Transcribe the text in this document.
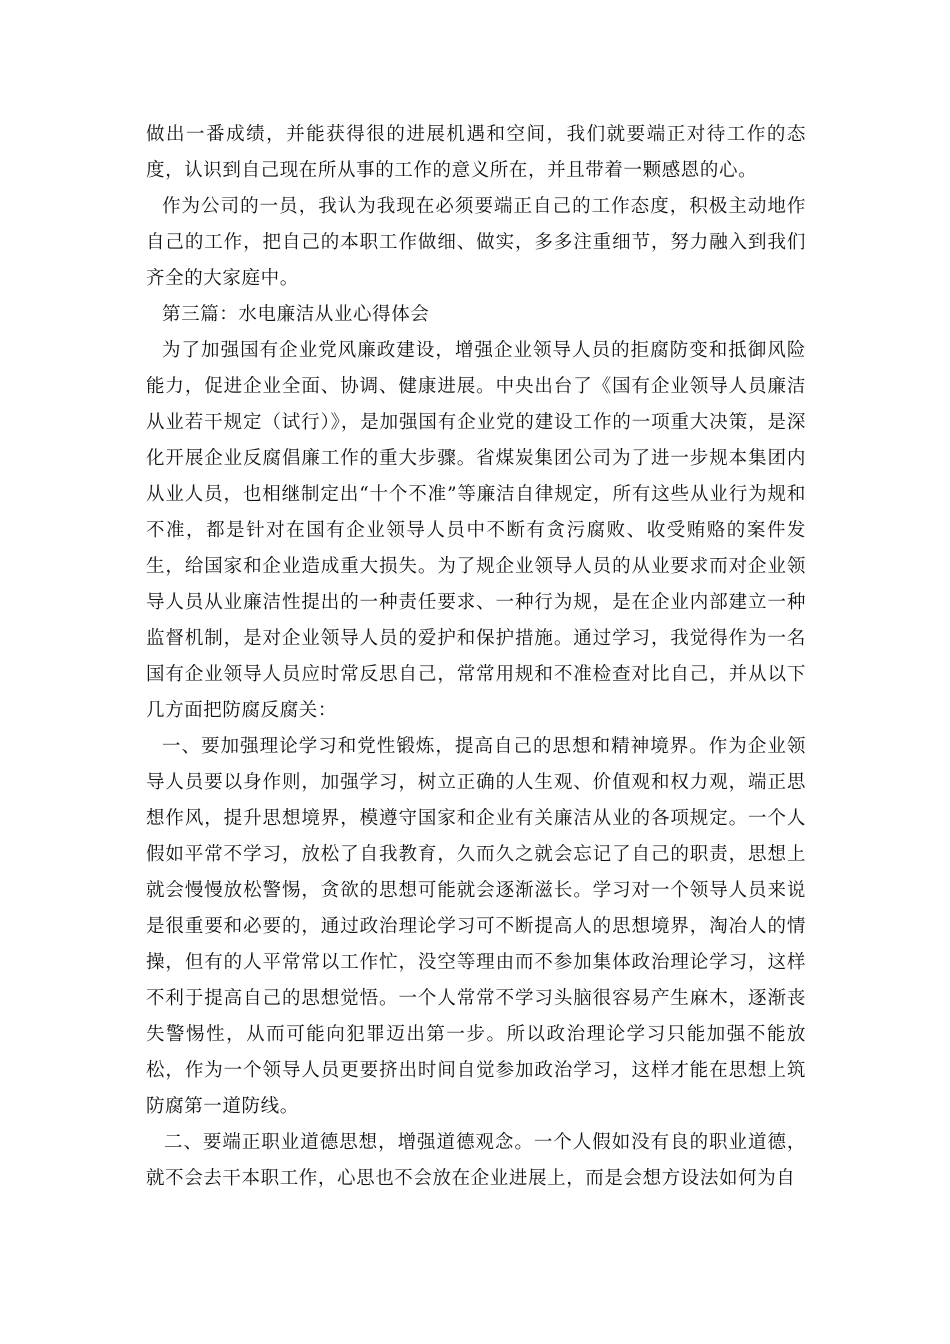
做出一番成绩，并能获得很的进展机遇和空间，我们就要端正对待工作的态度，认识到自己现在所从事的工作的意义所在，并且带着一颗感恩的心。

作为公司的一员，我认为我现在必须要端正自己的工作态度，积极主动地作自己的工作，把自己的本职工作做细、做实，多多注重细节，努力融入到我们齐全的大家庭中。

第三篇：水电廉洁从业心得体会

为了加强国有企业党风廉政建设，增强企业领导人员的拒腐防变和抵御风险能力，促进企业全面、协调、健康进展。中央出台了《国有企业领导人员廉洁从业若干规定（试行）》，是加强国有企业党的建设工作的一项重大决策，是深化开展企业反腐倡廉工作的重大步骤。省煤炭集团公司为了进一步规本集团内从业人员，也相继制定出“十个不准”等廉洁自律规定，所有这些从业行为规和不准，都是针对在国有企业领导人员中不断有贪污腐败、收受贿赂的案件发生，给国家和企业造成重大损失。为了规企业领导人员的从业要求而对企业领导人员从业廉洁性提出的一种责任要求、一种行为规，是在企业内部建立一种监督机制，是对企业领导人员的爱护和保护措施。通过学习，我觉得作为一名国有企业领导人员应时常反思自己，常常用规和不准检查对比自己，并从以下几方面把防腐反腐关：

一、要加强理论学习和党性锻炼，提高自己的思想和精神境界。作为企业领导人员要以身作则，加强学习，树立正确的人生观、价值观和权力观，端正思想作风，提升思想境界，模遵守国家和企业有关廉洁从业的各项规定。一个人假如平常不学习，放松了自我教育，久而久之就会忘记了自己的职责，思想上就会慢慢放松警惕，贪欲的思想可能就会逐渐滋长。学习对一个领导人员来说是很重要和必要的，通过政治理论学习可不断提高人的思想境界，淘冶人的情操，但有的人平常常以工作忙，没空等理由而不参加集体政治理论学习，这样不利于提高自己的思想觉悟。一个人常常不学习头脑很容易产生麻木，逐渐丧失警惕性，从而可能向犯罪迈出第一步。所以政治理论学习只能加强不能放松，作为一个领导人员更要挤出时间自觉参加政治学习，这样才能在思想上筑防腐第一道防线。

二、要端正职业道德思想，增强道德观念。一个人假如没有良的职业道德，就不会去干本职工作，心思也不会放在企业进展上，而是会想方设法如何为自
